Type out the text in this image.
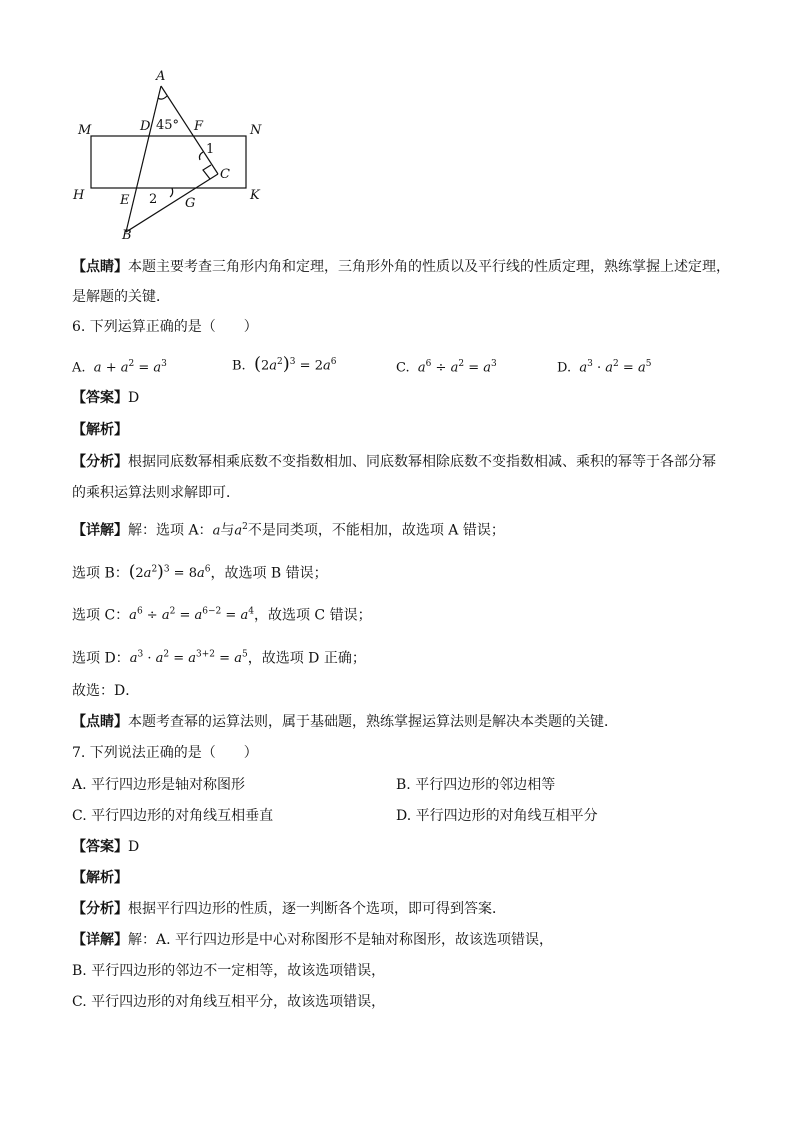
A
D 45° F	N
M
1
C
H	E 2 G
K
B
【点睛】本题主要考查三角形内角和定理，三角形外角的性质以及平行线的性质定理，熟练掌握上述定理，
是解题的关键．
6. 下列运算正确的是（　　）
A. $a + a^2 = a^3$	B. $(2a^2)^3 = 2a^6$	C. $a^6 \div a^2 = a^3$	D. $a^3 \cdot a^2 = a^5$
【答案】D
【解析】
【分析】根据同底数幂相乘底数不变指数相加、同底数幂相除底数不变指数相减、乘积的幂等于各部分幂
的乘积运算法则求解即可．
【详解】解：选项 A：a与$a^2$不是同类项，不能相加，故选项 A 错误；
选项 B：$(2a^2)^3 = 8a^6$，故选项 B 错误；
选项 C：$a^6 \div a^2 = a^{6-2} = a^4$，故选项 C 错误；
选项 D：$a^3 \cdot a^2 = a^{3+2} = a^5$，故选项 D 正确；
故选：D．
【点睛】本题考查幂的运算法则，属于基础题，熟练掌握运算法则是解决本类题的关键．
7. 下列说法正确的是（　　）
A. 平行四边形是轴对称图形	B. 平行四边形的邻边相等
C. 平行四边形的对角线互相垂直	D. 平行四边形的对角线互相平分
【答案】D
【解析】
【分析】根据平行四边形的性质，逐一判断各个选项，即可得到答案．
【详解】解：A. 平行四边形是中心对称图形不是轴对称图形，故该选项错误，
B. 平行四边形的邻边不一定相等，故该选项错误，
C. 平行四边形的对角线互相平分，故该选项错误，
